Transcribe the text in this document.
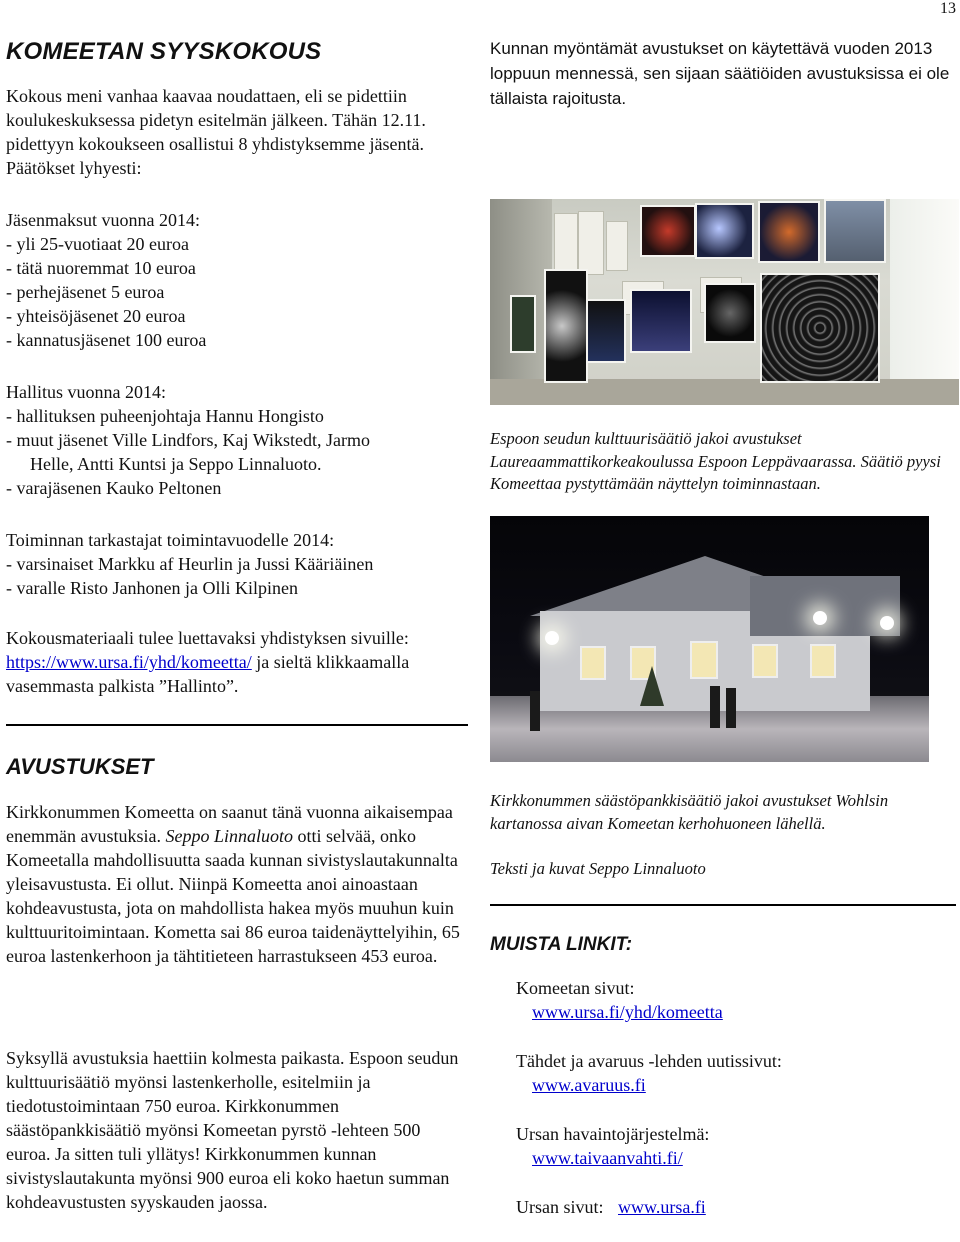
13
KOMEETAN SYYSKOKOUS
Kokous meni vanhaa kaavaa noudattaen, eli se pidettiin koulukeskuksessa pidetyn esitelmän jälkeen. Tähän 12.11. pidettyyn kokoukseen osallistui 8 yhdistyksemme jäsentä. Päätökset lyhyesti:
Jäsenmaksut vuonna 2014:
- yli 25-vuotiaat 20 euroa
- tätä nuoremmat 10 euroa
- perhejäsenet 5 euroa
- yhteisöjäsenet 20 euroa
- kannatusjäsenet 100 euroa
Hallitus vuonna 2014:
- hallituksen puheenjohtaja Hannu Hongisto
- muut jäsenet Ville Lindfors, Kaj Wikstedt, Jarmo
Helle, Antti Kuntsi ja Seppo Linnaluoto.
- varajäsenen Kauko Peltonen
Toiminnan tarkastajat toimintavuodelle 2014:
- varsinaiset Markku af Heurlin ja Jussi Kääriäinen
- varalle Risto Janhonen ja Olli Kilpinen
Kokousmateriaali tulee luettavaksi yhdistyksen sivuille: https://www.ursa.fi/yhd/komeetta/ ja sieltä klikkaamalla vasemmasta palkista ”Hallinto”.
AVUSTUKSET
Kirkkonummen Komeetta on saanut tänä vuonna aikaisempaa enemmän avustuksia. Seppo Linnaluoto otti selvää, onko Komeetalla mahdollisuutta saada kunnan sivistyslautakunnalta yleisavustusta. Ei ollut. Niinpä Komeetta anoi ainoastaan kohdeavustusta, jota on mahdollista hakea myös muuhun kuin kulttuuritoimintaan. Kometta sai 86 euroa taidenäyttelyihin, 65 euroa lastenkerhoon ja tähtitieteen harrastukseen 453 euroa.
Syksyllä avustuksia haettiin kolmesta paikasta. Espoon seudun kulttuurisäätiö myönsi lastenkerholle, esitelmiin ja tiedotustoimintaan 750 euroa. Kirkkonummen säästöpankkisäätiö myönsi Komeetan pyrstö -lehteen 500 euroa. Ja sitten tuli yllätys! Kirkkonummen kunnan sivistyslautakunta myönsi 900 euroa eli koko haetun summan kohdeavustusten syyskauden jaossa.
Kunnan myöntämät avustukset on käytettävä vuoden 2013 loppuun mennessä, sen sijaan säätiöiden avustuksissa ei ole tällaista rajoitusta.
Espoon seudun kulttuurisäätiö jakoi avustukset Laureaammattikorkeakoulussa Espoon Leppävaarassa. Säätiö pyysi Komeettaa pystyttämään näyttelyn toiminnastaan.
Kirkkonummen säästöpankkisäätiö jakoi avustukset Wohlsin kartanossa aivan Komeetan kerhohuoneen lähellä.
Teksti ja kuvat Seppo Linnaluoto
MUISTA LINKIT:
Komeetan sivut:
www.ursa.fi/yhd/komeetta
Tähdet ja avaruus -lehden uutissivut:
www.avaruus.fi
Ursan havaintojärjestelmä:
www.taivaanvahti.fi/
Ursan sivut: www.ursa.fi
